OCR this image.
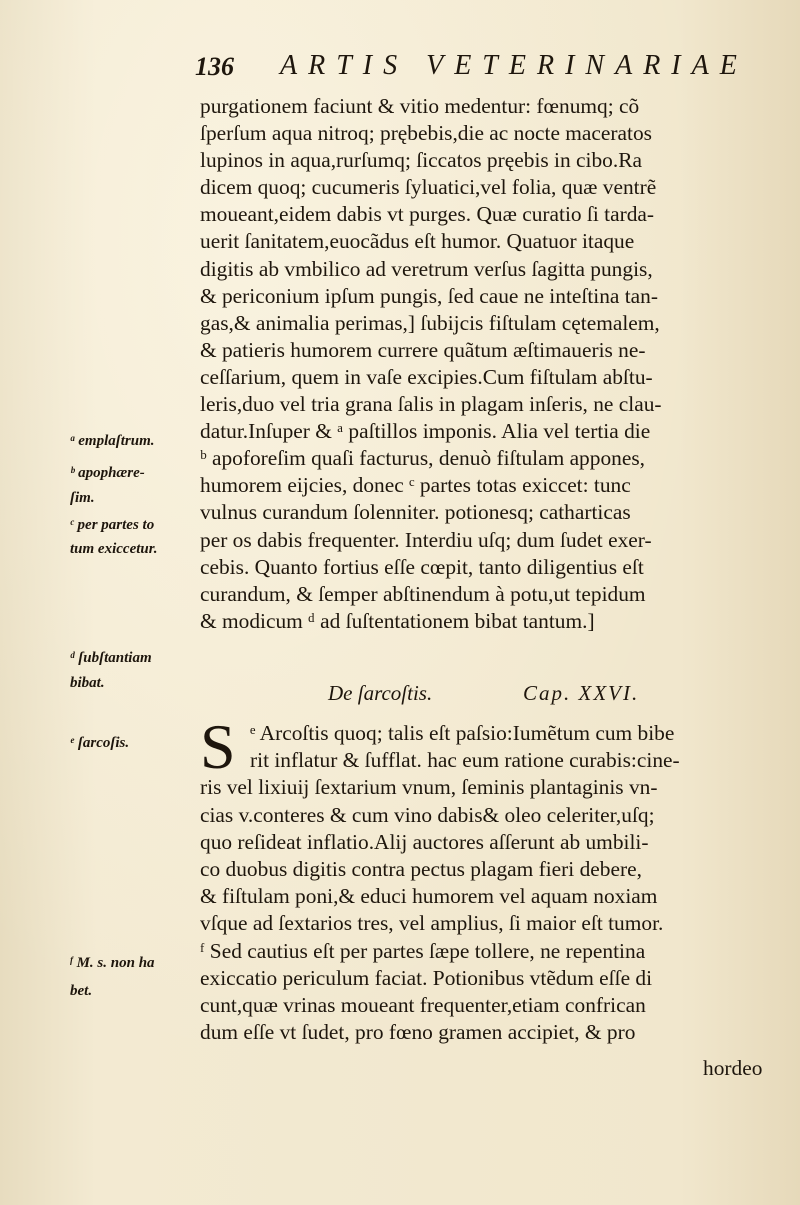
136 ARTIS VETERINARIAE
purgationem faciunt & vitio medentur: fœnumq; cõ
ſperſum aqua nitroq; prębebis,die ac nocte maceratos
lupinos in aqua,rurſumq; ſiccatos pręebis in cibo.Ra
dicem quoq; cucumeris ſyluatici,vel folia, quæ ventrẽ
moueant,eidem dabis vt purges. Quæ curatio ſi tarda-
uerit ſanitatem,euocãdus eſt humor. Quatuor itaque
digitis ab vmbilico ad veretrum verſus ſagitta pungis,
& periconium ipſum pungis, ſed caue ne inteſtina tan-
gas,& animalia perimas,] ſubijcis fiſtulam cętemalem,
& patieris humorem currere quãtum æſtimaueris ne-
ceſſarium, quem in vaſe excipies.Cum fiſtulam abſtu-
leris,duo vel tria grana ſalis in plagam inſeris, ne clau-
datur.Inſuper & ᵃ paſtillos imponis. Alia vel tertia die
ᵇ apoforeſim quaſi facturus, denuò fiſtulam appones,
humorem eijcies, donec ᶜ partes totas exiccet: tunc
vulnus curandum ſolenniter. potionesq; catharticas
per os dabis frequenter. Interdiu uſq; dum ſudet exer-
cebis. Quanto fortius eſſe cœpit, tanto diligentius eſt
curandum, & ſemper abſtinendum à potu,ut tepidum
& modicum ᵈ ad ſuſtentationem bibat tantum.]
De ſarcoſtis.	Cap. XXVI.
S ᵉ Arcoſtis quoq; talis eſt paſsio:Iumẽtum cum bibe
rit inflatur & ſufflat. hac eum ratione curabis:cine-
ris vel lixiuij ſextarium vnum, ſeminis plantaginis vn-
cias v.conteres & cum vino dabis& oleo celeriter,uſq;
quo reſideat inflatio.Alij auctores aſſerunt ab umbili-
co duobus digitis contra pectus plagam fieri debere,
& fiſtulam poni,& educi humorem vel aquam noxiam
vſque ad ſextarios tres, vel amplius, ſi maior eſt tumor.
ᶠ Sed cautius eſt per partes ſæpe tollere, ne repentina
exiccatio periculum faciat. Potionibus vtẽdum eſſe di
cunt,quæ vrinas moueant frequenter,etiam confrican
dum eſſe vt ſudet, pro fœno gramen accipiet, & pro
hordeo
ᵃ emplaſtrum.
ᵇ apophære-
ſim.
ᶜ per partes to
tum exiccetur.
ᵈ ſubſtantiam
bibat.
ᵉ ſarcoſis.
ᶠ M. s. non ha
bet.
